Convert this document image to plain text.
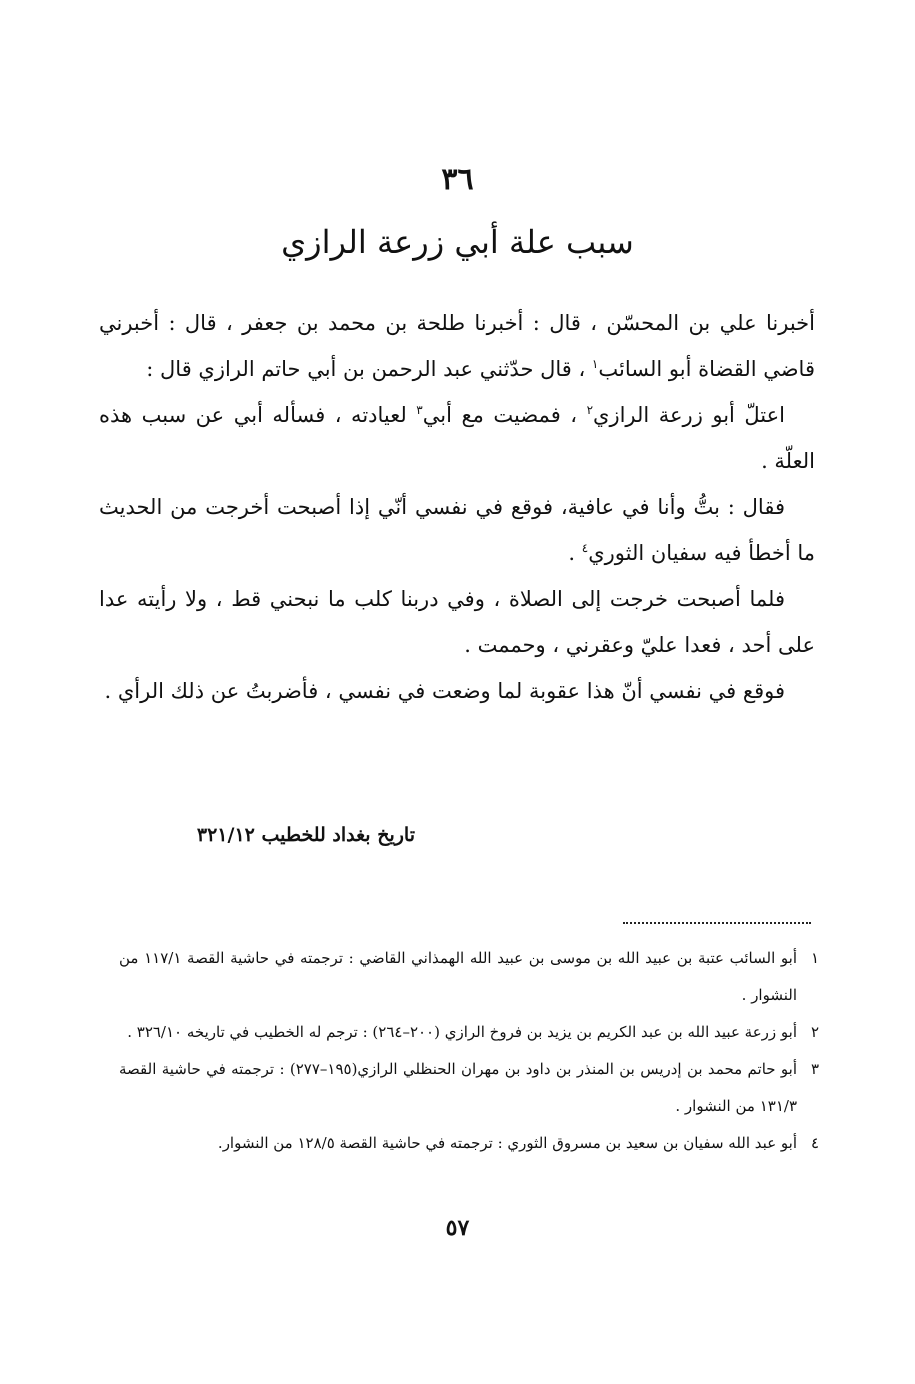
٣٦
سبب علة أبي زرعة الرازي

أخبرنا علي بن المحسّن ، قال : أخبرنا طلحة بن محمد بن جعفر ، قال : أخبرني قاضي القضاة أبو السائب$^١$ ، قال حدّثني عبد الرحمن بن أبي حاتم الرازي قال :

اعتلّ أبو زرعة الرازي$^٢$ ، فمضيت مع أبي$^٣$ لعيادته ، فسأله أبي عن سبب هذه العلّة .

فقال : بتُّ وأنا في عافية، فوقع في نفسي أنّي إذا أصبحت أخرجت من الحديث ما أخطأ فيه سفيان الثوري$^٤$ .

فلما أصبحت خرجت إلى الصلاة ، وفي دربنا كلب ما نبحني قط ، ولا رأيته عدا على أحد ، فعدا عليّ وعقرني ، وحممت .

فوقع في نفسي أنّ هذا عقوبة لما وضعت في نفسي ، فأضربتُ عن ذلك الرأي .

تاريخ بغداد للخطيب ٣٢١/١٢
١
أبو السائب عتبة بن عبيد الله بن موسى بن عبيد الله الهمذاني القاضي : ترجمته في حاشية القصة ١١٧/١ من النشوار .
٢
أبو زرعة عبيد الله بن عبد الكريم بن يزيد بن فروخ الرازي (٢٠٠–٢٦٤) : ترجم له الخطيب في تاريخه ٣٢٦/١٠ .
٣
أبو حاتم محمد بن إدريس بن المنذر بن داود بن مهران الحنظلي الرازي(١٩٥–٢٧٧) : ترجمته في حاشية القصة ١٣١/٣ من النشوار .
٤
أبو عبد الله سفيان بن سعيد بن مسروق الثوري : ترجمته في حاشية القصة ١٢٨/٥ من النشوار.
٥٧
